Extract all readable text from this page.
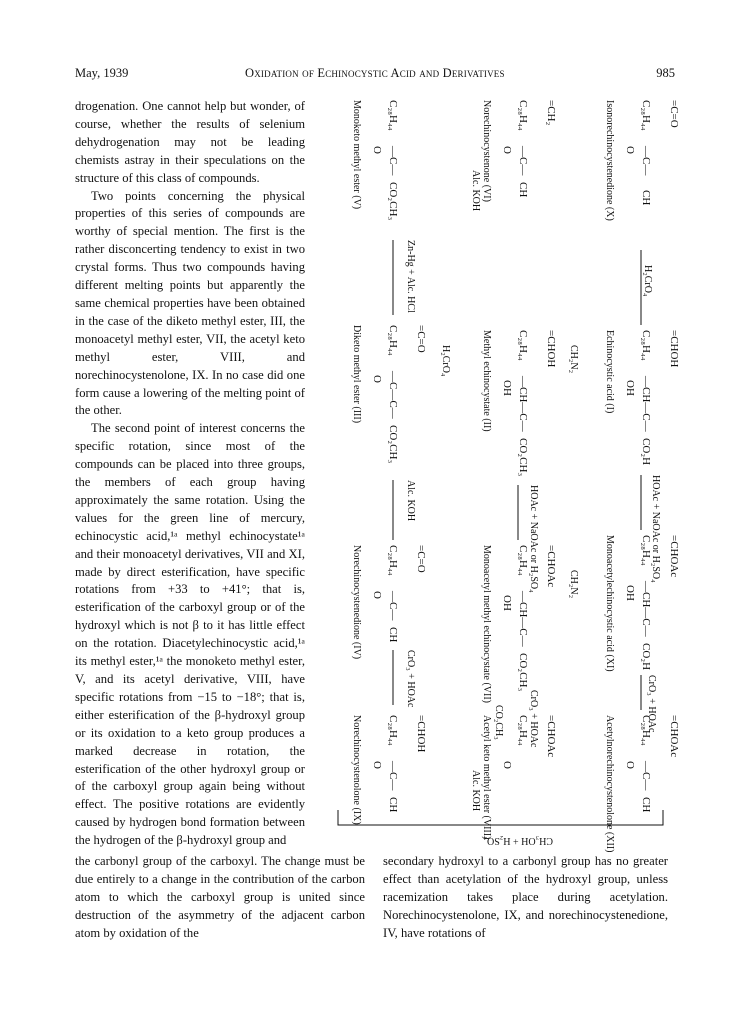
May, 1939	Oxidation of Echinocystic Acid and Derivatives	985

drogenation. One cannot help but wonder, of course, whether the results of selenium dehydrogenation may not be leading chemists astray in their speculations on the structure of this class of compounds.

Two points concerning the physical properties of this series of compounds are worthy of special mention. The first is the rather disconcerting tendency to exist in two crystal forms. Thus two compounds having different melting points but apparently the same chemical properties have been obtained in the case of the diketo methyl ester, III, the monoacetyl methyl ester, VII, the acetyl keto methyl ester, VIII, and norechinocystenolone, IX. In no case did one form cause a lowering of the melting point of the other.

The second point of interest concerns the specific rotation, since most of the compounds can be placed into three groups, the members of each group having approximately the same rotation. Using the values for the green line of mercury, echinocystic acid,¹ᵃ methyl echinocystate¹ᵃ and their monoacetyl derivatives, VII and XI, made by direct esterification, have specific rotations from +33 to +41°; that is, esterification of the carboxyl group or of the hydroxyl which is not β to it has little effect on the rotation. Diacetylechinocystic acid,¹ᵃ its methyl ester,¹ᵃ the monoketo methyl ester, V, and its acetyl derivative, VIII, have specific rotations from −15 to −18°; that is, either esterification of the β-hydroxyl group or its oxidation to a keto group produces a marked decrease in rotation, the esterification of the other hydroxyl group or of the carboxyl group again being without effect. The positive rotations are evidently caused by hydrogen bond formation between the hydrogen of the β-hydroxyl group and

=C=O
C₂₈H₄₄
—C—
CH
O
Isonorechinocystenedione (X)
H₂CrO₄
=CHOH
C₂₈H₄₄
—CH—C—
CO₂H
OH
Echinocystic acid (I)
HOAc + NaOAc or H₂SO₄ =CHOAc
C₂₈H₄₄
—CH—C—
CO₂H
OH
Monoacetylechinocystic acid (XI)
CrO₃ + HOAc
=CHOAc
C₂₈H₄₄
—C—
CH
O
Acetylnorechinocystenolone (XII)
=CH₂
C₂₈H₄₄
—C—
CH
O
Norechinocystenone (VI)
Alc. KOH
=CHOH
C₂₈H₄₄
—CH—C—
CO₂CH₃
OH
Methyl echinocystate (II)	CH₂N₂
CH₂N₂
HOAc + NaOAc or H₂SO₄ =CHOAc
C₂₈H₄₄
—CH—C—
CO₂CH₃
OH
Monoacetyl methyl echinocystate (VII)
CrO₃ + HOAc =CHOAc
C₂₈H₄₄
CO₂CH₃
O
Acetyl keto methyl ester (VIII)
Alc. KOH
C₂₈H₄₄
—C—
CO₂CH₃
O
Monoketo methyl ester (V)
Zn-Hg + Alc. HCl
=C=O
C₂₈H₄₄
—C—C—
CO₂CH₃
O
Diketo methyl ester (III)	H₂CrO₄
Alc. KOH
=C=O
C₂₈H₄₄
—C—
CH
O
Norechinocystenedione (IV)
CrO₃ + HOAc
=CHOH
C₂₈H₄₄
—C—
CH
O
Norechinocystenolone (IX)
CH₃OH + H₂SO₄
the carbonyl group of the carboxyl. The change must be due entirely to a change in the contribution of the carbon atom to which the carboxyl group is united since destruction of the asymmetry of the adjacent carbon atom by oxidation of the
secondary hydroxyl to a carbonyl group has no greater effect than acetylation of the hydroxyl group, unless racemization takes place during acetylation. Norechinocystenolone, IX, and norechinocystenedione, IV, have rotations of
